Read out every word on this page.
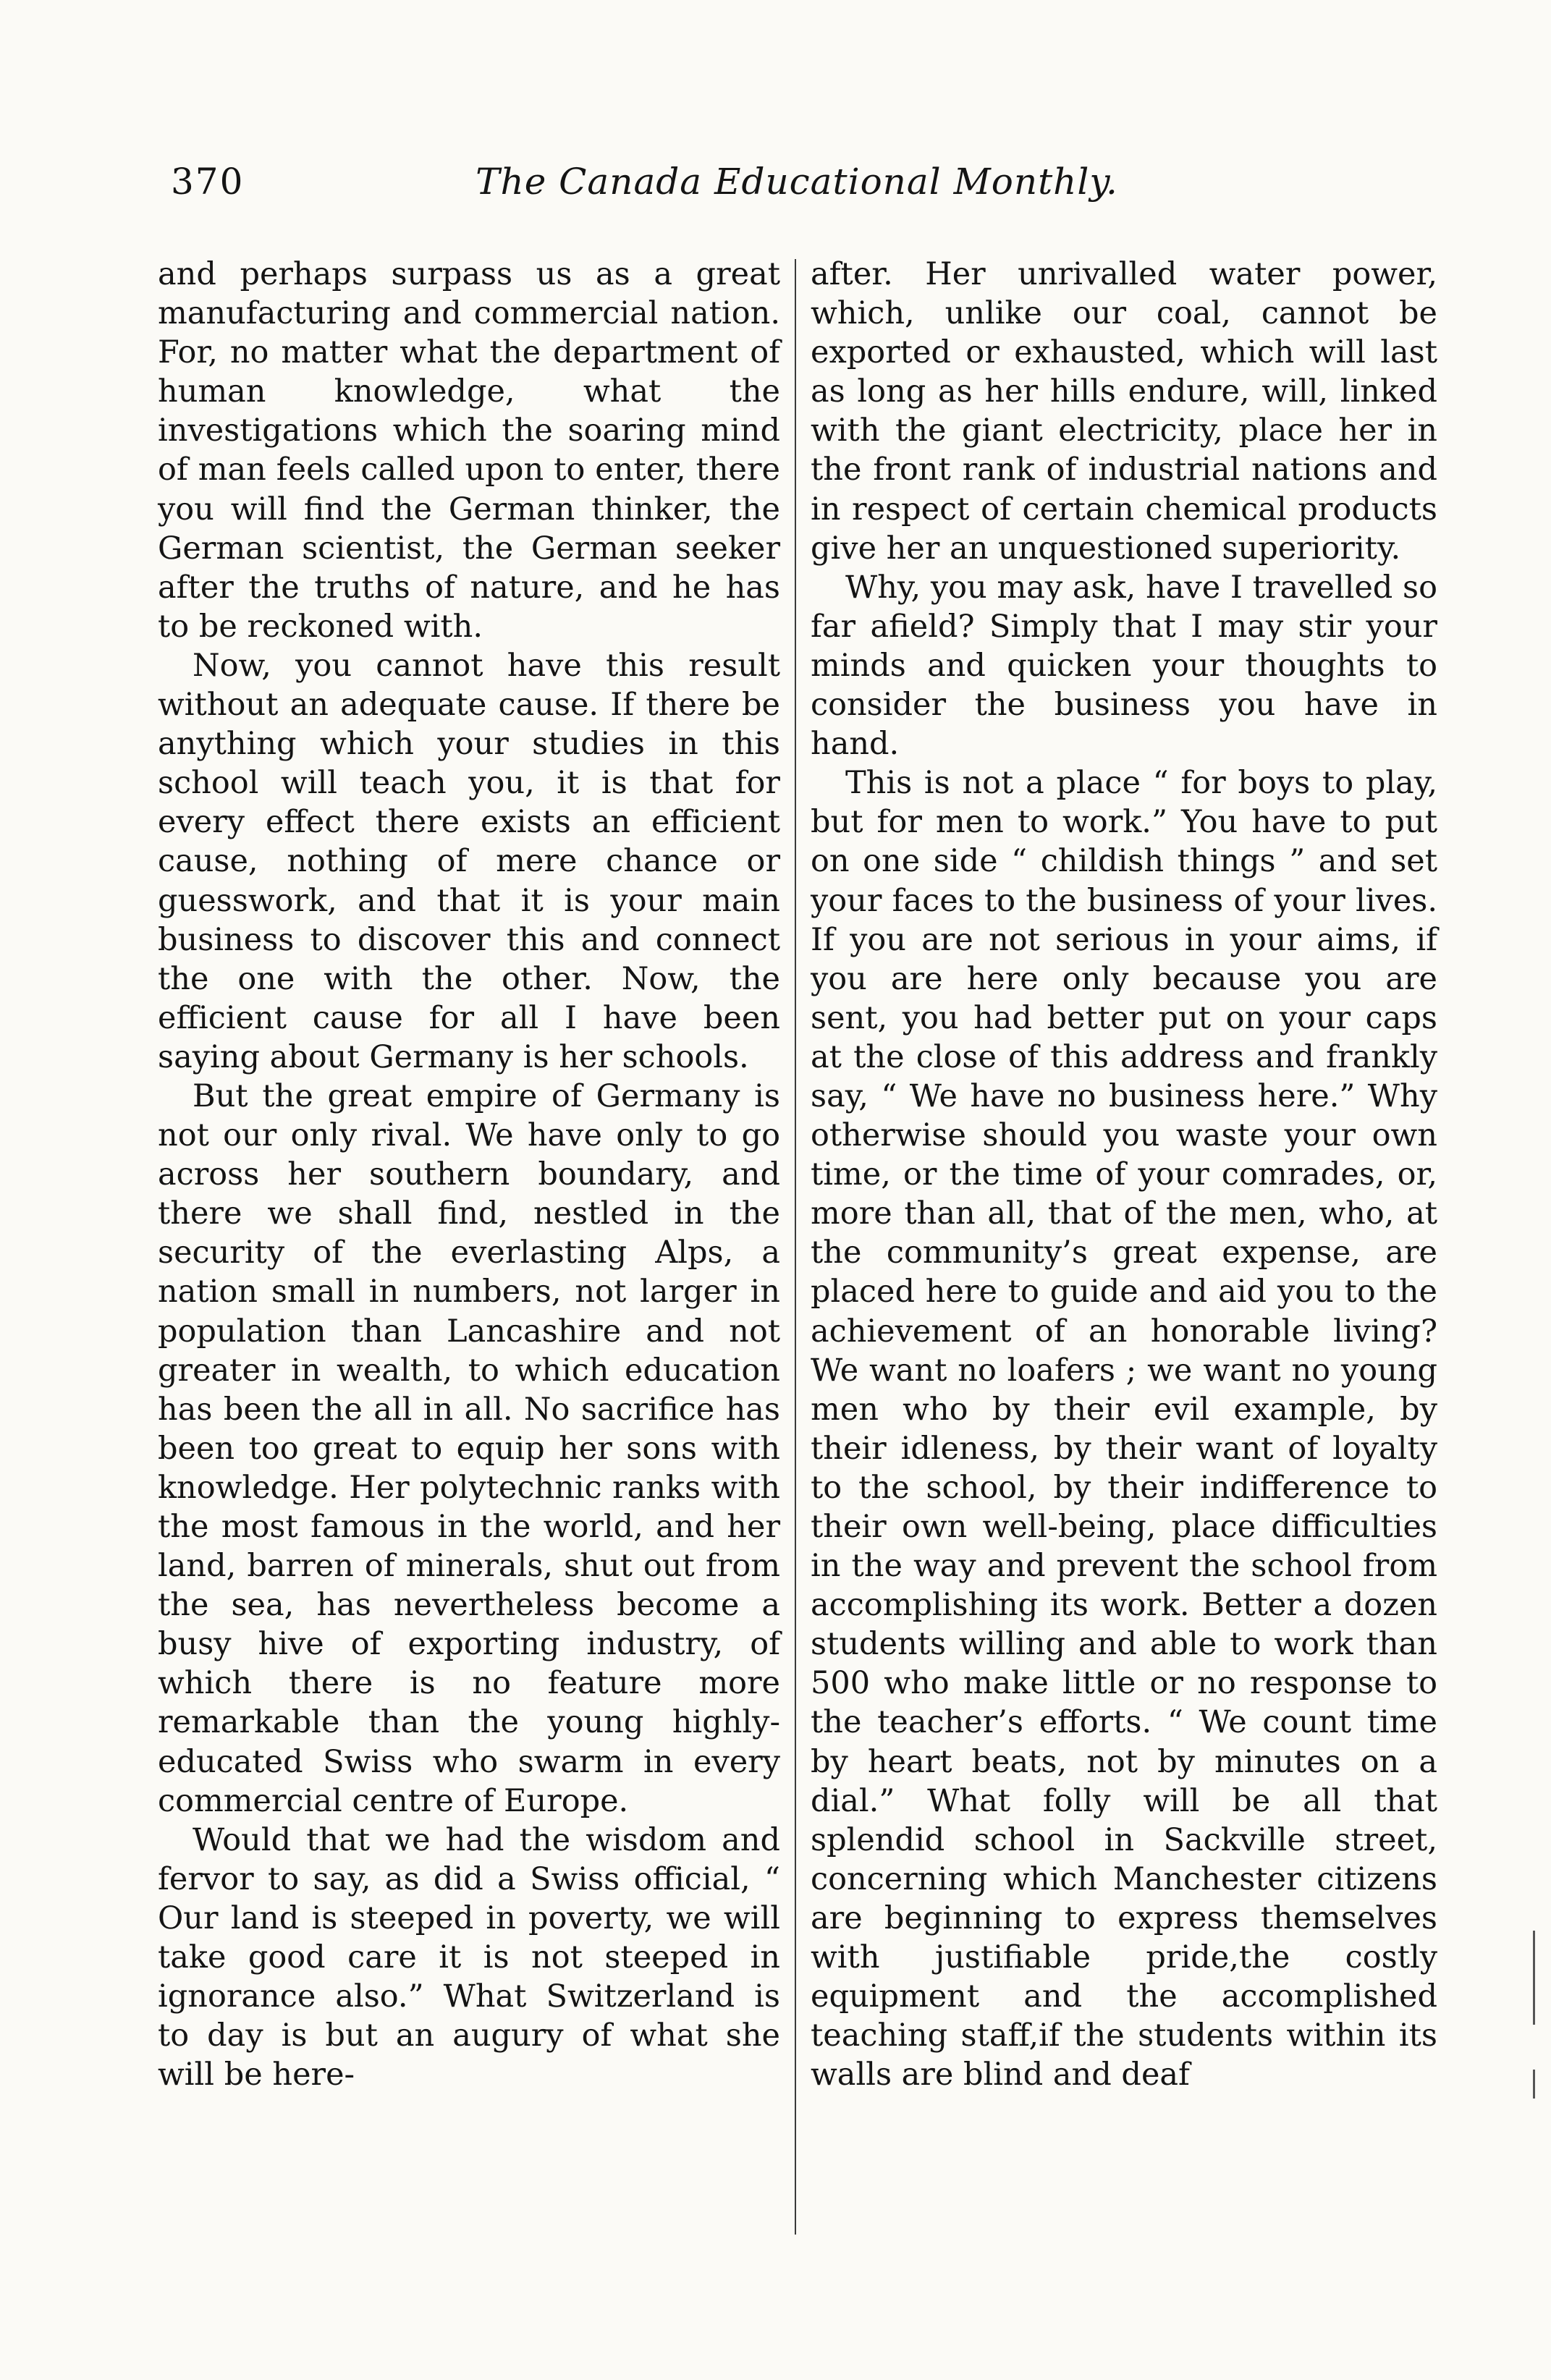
370	The Canada Educational Monthly.

and perhaps surpass us as a great manufacturing and commercial nation. For, no matter what the department of human knowledge, what the investigations which the soaring mind of man feels called upon to enter, there you will find the German thinker, the German scientist, the German seeker after the truths of nature, and he has to be reckoned with.

Now, you cannot have this result without an adequate cause. If there be anything which your studies in this school will teach you, it is that for every effect there exists an efficient cause, nothing of mere chance or guesswork, and that it is your main business to discover this and connect the one with the other. Now, the efficient cause for all I have been saying about Germany is her schools.

But the great empire of Germany is not our only rival. We have only to go across her southern boundary, and there we shall find, nestled in the security of the everlasting Alps, a nation small in numbers, not larger in population than Lancashire and not greater in wealth, to which education has been the all in all. No sacrifice has been too great to equip her sons with knowledge. Her polytechnic ranks with the most famous in the world, and her land, barren of minerals, shut out from the sea, has nevertheless become a busy hive of exporting industry, of which there is no feature more remarkable than the young highly-educated Swiss who swarm in every commercial centre of Europe.

Would that we had the wisdom and fervor to say, as did a Swiss official, “ Our land is steeped in poverty, we will take good care it is not steeped in ignorance also.” What Switzerland is to day is but an augury of what she will be here-

after. Her unrivalled water power, which, unlike our coal, cannot be exported or exhausted, which will last as long as her hills endure, will, linked with the giant electricity, place her in the front rank of industrial nations and in respect of certain chemical products give her an unquestioned superiority.

Why, you may ask, have I travelled so far afield? Simply that I may stir your minds and quicken your thoughts to consider the business you have in hand.

This is not a place “ for boys to play, but for men to work.” You have to put on one side “ childish things ” and set your faces to the business of your lives. If you are not serious in your aims, if you are here only because you are sent, you had better put on your caps at the close of this address and frankly say, “ We have no business here.” Why otherwise should you waste your own time, or the time of your comrades, or, more than all, that of the men, who, at the community’s great expense, are placed here to guide and aid you to the achievement of an honorable living? We want no loafers ; we want no young men who by their evil example, by their idleness, by their want of loyalty to the school, by their indifference to their own well-being, place difficulties in the way and prevent the school from accomplishing its work. Better a dozen students willing and able to work than 500 who make little or no response to the teacher’s efforts. “ We count time by heart beats, not by minutes on a dial.” What folly will be all that splendid school in Sackville street, concerning which Manchester citizens are beginning to express themselves with justifiable pride,the costly equipment and the accomplished teaching staff,if the students within its walls are blind and deaf
